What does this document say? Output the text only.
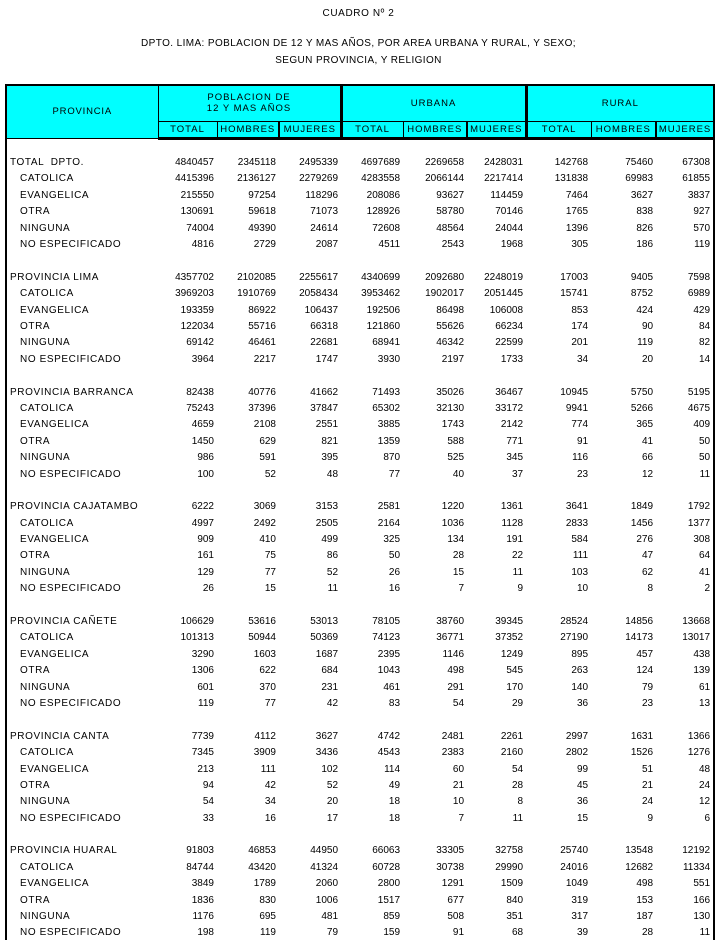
CUADRO Nº 2
DPTO. LIMA: POBLACION DE 12 Y MAS AÑOS, POR AREA URBANA Y RURAL, Y SEXO;
SEGUN PROVINCIA, Y RELIGION
PROVINCIA	POBLACION DE
12 Y MAS AÑOS			URBANA			RURAL		
	TOTAL	HOMBRES	MUJERES	TOTAL	HOMBRES	MUJERES	TOTAL	HOMBRES	MUJERES

TOTAL  DPTO.	4840457	2345118	2495339	4697689	2269658	2428031	142768	75460	67308
CATOLICA	4415396	2136127	2279269	4283558	2066144	2217414	131838	69983	61855
EVANGELICA	215550	97254	118296	208086	93627	114459	7464	3627	3837
OTRA	130691	59618	71073	128926	58780	70146	1765	838	927
NINGUNA	74004	49390	24614	72608	48564	24044	1396	826	570
NO ESPECIFICADO	4816	2729	2087	4511	2543	1968	305	186	119

PROVINCIA LIMA	4357702	2102085	2255617	4340699	2092680	2248019	17003	9405	7598
CATOLICA	3969203	1910769	2058434	3953462	1902017	2051445	15741	8752	6989
EVANGELICA	193359	86922	106437	192506	86498	106008	853	424	429
OTRA	122034	55716	66318	121860	55626	66234	174	90	84
NINGUNA	69142	46461	22681	68941	46342	22599	201	119	82
NO ESPECIFICADO	3964	2217	1747	3930	2197	1733	34	20	14

PROVINCIA BARRANCA	82438	40776	41662	71493	35026	36467	10945	5750	5195
CATOLICA	75243	37396	37847	65302	32130	33172	9941	5266	4675
EVANGELICA	4659	2108	2551	3885	1743	2142	774	365	409
OTRA	1450	629	821	1359	588	771	91	41	50
NINGUNA	986	591	395	870	525	345	116	66	50
NO ESPECIFICADO	100	52	48	77	40	37	23	12	11

PROVINCIA CAJATAMBO	6222	3069	3153	2581	1220	1361	3641	1849	1792
CATOLICA	4997	2492	2505	2164	1036	1128	2833	1456	1377
EVANGELICA	909	410	499	325	134	191	584	276	308
OTRA	161	75	86	50	28	22	111	47	64
NINGUNA	129	77	52	26	15	11	103	62	41
NO ESPECIFICADO	26	15	11	16	7	9	10	8	2

PROVINCIA CAÑETE	106629	53616	53013	78105	38760	39345	28524	14856	13668
CATOLICA	101313	50944	50369	74123	36771	37352	27190	14173	13017
EVANGELICA	3290	1603	1687	2395	1146	1249	895	457	438
OTRA	1306	622	684	1043	498	545	263	124	139
NINGUNA	601	370	231	461	291	170	140	79	61
NO ESPECIFICADO	119	77	42	83	54	29	36	23	13

PROVINCIA CANTA	7739	4112	3627	4742	2481	2261	2997	1631	1366
CATOLICA	7345	3909	3436	4543	2383	2160	2802	1526	1276
EVANGELICA	213	111	102	114	60	54	99	51	48
OTRA	94	42	52	49	21	28	45	21	24
NINGUNA	54	34	20	18	10	8	36	24	12
NO ESPECIFICADO	33	16	17	18	7	11	15	9	6

PROVINCIA HUARAL	91803	46853	44950	66063	33305	32758	25740	13548	12192
CATOLICA	84744	43420	41324	60728	30738	29990	24016	12682	11334
EVANGELICA	3849	1789	2060	2800	1291	1509	1049	498	551
OTRA	1836	830	1006	1517	677	840	319	153	166
NINGUNA	1176	695	481	859	508	351	317	187	130
NO ESPECIFICADO	198	119	79	159	91	68	39	28	11
